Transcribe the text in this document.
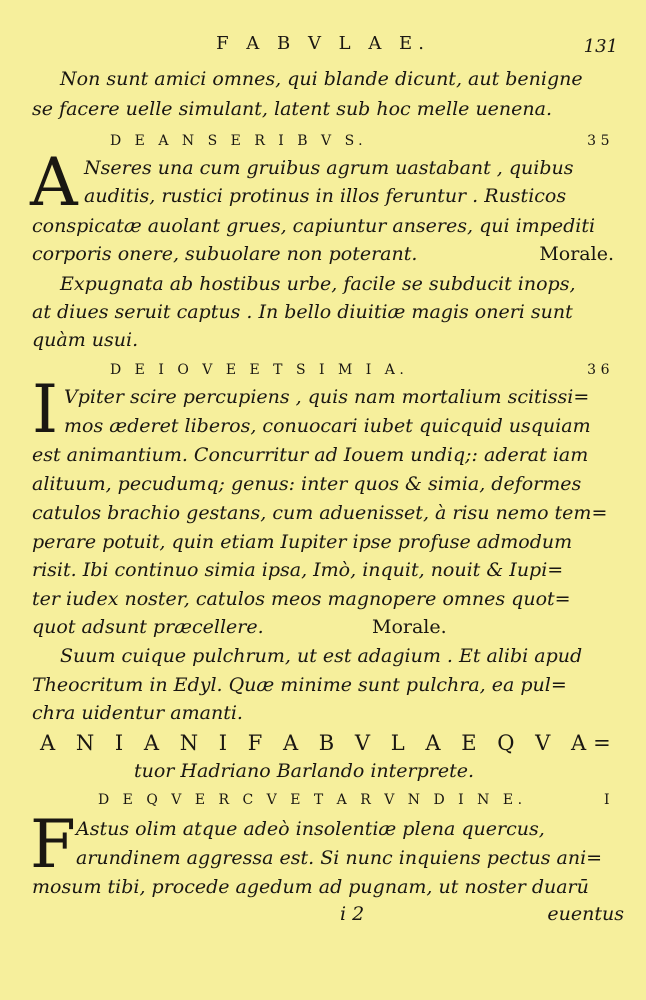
F A B V L A E.	131
Non sunt amici omnes, qui blande dicunt, aut benigne
se facere uelle simulant, latent sub hoc melle uenena.
D E A N S E R I B V S.	35
A Nseres una cum gruibus agrum uastabant , quibus
auditis, rustici protinus in illos feruntur . Rusticos
conspicatæ auolant grues, capiuntur anseres, qui impediti
corporis onere, subuolare non poterant.	Morale.
Expugnata ab hostibus urbe, facile se subducit inops,
at diues seruit captus . In bello diuitiæ magis oneri sunt
quàm usui.
D E I O V E E T S I M I A.	36
I Vpiter scire percupiens , quis nam mortalium scitissi=
mos æderet liberos, conuocari iubet quicquid usquiam
est animantium. Concurritur ad Iouem undiq;: aderat iam
alituum, pecudumq; genus: inter quos & simia, deformes
catulos brachio gestans, cum aduenisset, à risu nemo tem=
perare potuit, quin etiam Iupiter ipse profuse admodum
risit. Ibi continuo simia ipsa, Imò, inquit, nouit & Iupi=
ter iudex noster, catulos meos magnopere omnes quot=
quot adsunt præcellere.	Morale.
Suum cuique pulchrum, ut est adagium . Et alibi apud
Theocritum in Edyl. Quæ minime sunt pulchra, ea pul=
chra uidentur amanti.
A N I A N I F A B V L A E Q V A=
tuor Hadriano Barlando interprete.
D E Q V E R C V E T A R V N D I N E.	I
F Astus olim atque adeò insolentiæ plena quercus,
arundinem aggressa est. Si nunc inquiens pectus ani=
mosum tibi, procede agedum ad pugnam, ut noster duarū
i 2	euentus
